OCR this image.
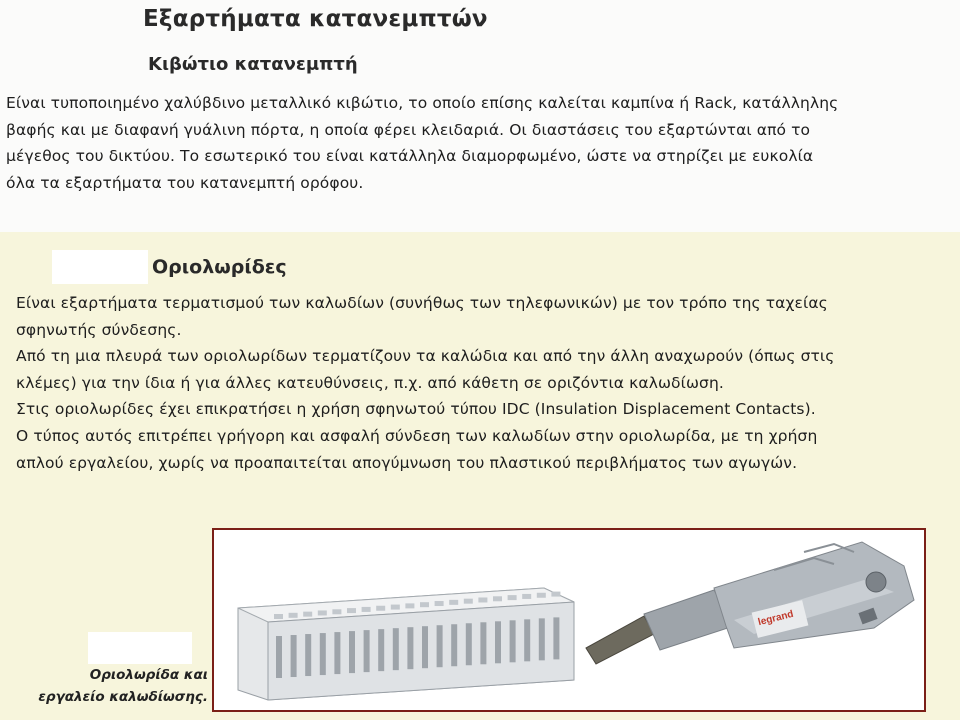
Εξαρτήματα κατανεμπτών
Κιβώτιο κατανεμπτή
Είναι τυποποιημένο χαλύβδινο μεταλλικό κιβώτιο, το οποίο επίσης καλείται καμπίνα ή Rack, κατάλληλης
βαφής και με διαφανή γυάλινη πόρτα, η οποία φέρει κλειδαριά. Οι διαστάσεις του εξαρτώνται από το
μέγεθος του δικτύου. Το εσωτερικό του είναι κατάλληλα διαμορφωμένο, ώστε να στηρίζει με ευκολία
όλα τα εξαρτήματα του κατανεμπτή ορόφου.
Οριολωρίδες
Είναι εξαρτήματα τερματισμού των καλωδίων (συνήθως των τηλεφωνικών) με τον τρόπο της ταχείας
σφηνωτής σύνδεσης.
Από τη μια πλευρά των οριολωρίδων τερματίζουν τα καλώδια και από την άλλη αναχωρούν (όπως στις
κλέμες) για την ίδια ή για άλλες κατευθύνσεις, π.χ. από κάθετη σε οριζόντια καλωδίωση.
Στις οριολωρίδες έχει επικρατήσει η χρήση σφηνωτού τύπου IDC (Insulation Displacement Contacts).
Ο τύπος αυτός επιτρέπει γρήγορη και ασφαλή σύνδεση των καλωδίων στην οριολωρίδα, με τη χρήση
απλού εργαλείου, χωρίς να προαπαιτείται απογύμνωση του πλαστικού περιβλήματος των αγωγών.
legrand
Οριολωρίδα και
εργαλείο καλωδίωσης.
